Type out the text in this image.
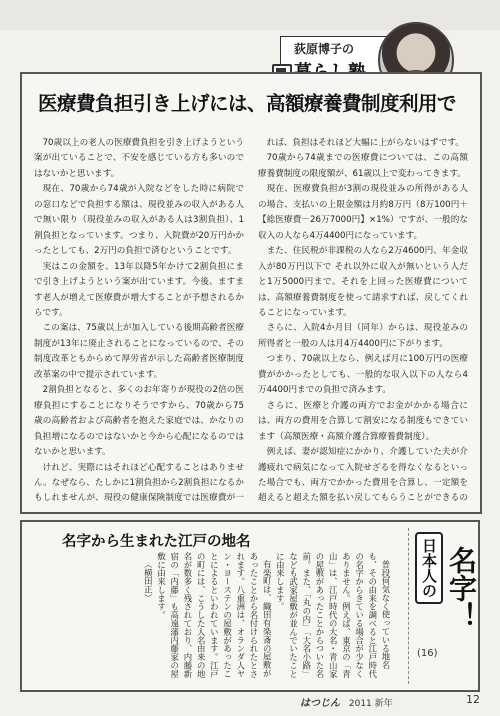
荻原博子の
医療費負担引き上げには、高額療養費制度利用で

70歳以上の老人の医療費負担を引き上げようという案が出ていることで、不安を感じている方も多いのではないかと思います。

現在、70歳から74歳が入院などをした時に病院での窓口などで負担する額は、現役並みの収入がある人で無い限り（現役並みの収入がある人は3割負担）、1割負担となっています。つまり、入院費が20万円かかったとしても、2万円の負担で済むということです。

実はこの金額を、13年以降5年かけて2割負担にまで引き上げようという案が出ています。今後、ますます老人が増えて医療費が増大することが予想されるからです。

この案は、75歳以上が加入している後期高齢者医療制度が13年に廃止されることになっているので、その制度改革ともからめて厚労省が示した高齢者医療制度改革案の中で提示されています。

2割負担となると、多くのお年寄りが現役の2倍の医療負担にすることになりそうですから、70歳から75歳の高齢者および高齢者を抱えた家庭では、かなりの負担増になるのではないかと今から心配になるのではないかと思います。

けれど、実際にはそれほど心配することはありません。なぜなら、たしかに1割負担から2割負担になるかもしれませんが、現役の健康保険制度では医療費が一

れば、負担はそれほど大幅に上がらないはずです。

70歳から74歳までの医療費については、この高額療養費制度の限度額が、61歳以上で変わってきます。

現在、医療費負担が3割の現役並みの所得がある人の場合、支払いの上限金額は月約8万円（8万100円＋【総医療費－26万7000円】×1%）ですが、一般的な収入の人なら4万4400円になっています。

また、住民税が非課税の人なら2万4600円、年金収入が80万円以下で それ以外に収入が無いという人だと1万5000円まで。それを上回った医療費については、高額療養費制度を使って請求すれば、戻してくれることになっています。

さらに、入院4か月目（同年）からは、現役並みの所得者と一般の人は月4万4400円に下がります。

つまり、70歳以上なら、例えば月に100万円の医療費がかかったとしても、一般的な収入以下の人なら4万4400円までの負担で済みます。

さらに、医療と介護の両方でお金がかかる場合には、両方の費用を合算して割安になる制度もできています（高額医療・高額介護合算療養費制度）。

例えば、妻が認知症にかかり、介護していた夫が介護疲れで病気になって入院せざるを得なくなるといった場合でも、両方でかかった費用を合算し、一定額を超えると超えた額を払い戻してもらうことができるの

名字から生まれた江戸の地名

普段何気なく使っている地名も、その由来を調べると江戸時代の名字からきている場合が少なくありません。例えば、東京の「青山」は、江戸時代の大名・青山家の屋敷があったことからついた名前。また、「丸の内」「大名小路」なども武家屋敷が並んでいたことに由来します。

有楽町は、織田有楽斎の屋敷があったことから名付けられたとされます。八重洲は、オランダ人ヤン・ヨーステンの屋敷があったことによるといわれています。江戸の町には、こうした人名由来の地名が数多く残されており、内藤新宿の「内藤」も高遠藩内藤家の屋敷に由来します。

（横田正）	日本人の 名字！
(16)
はつじん 2011 新年	12
